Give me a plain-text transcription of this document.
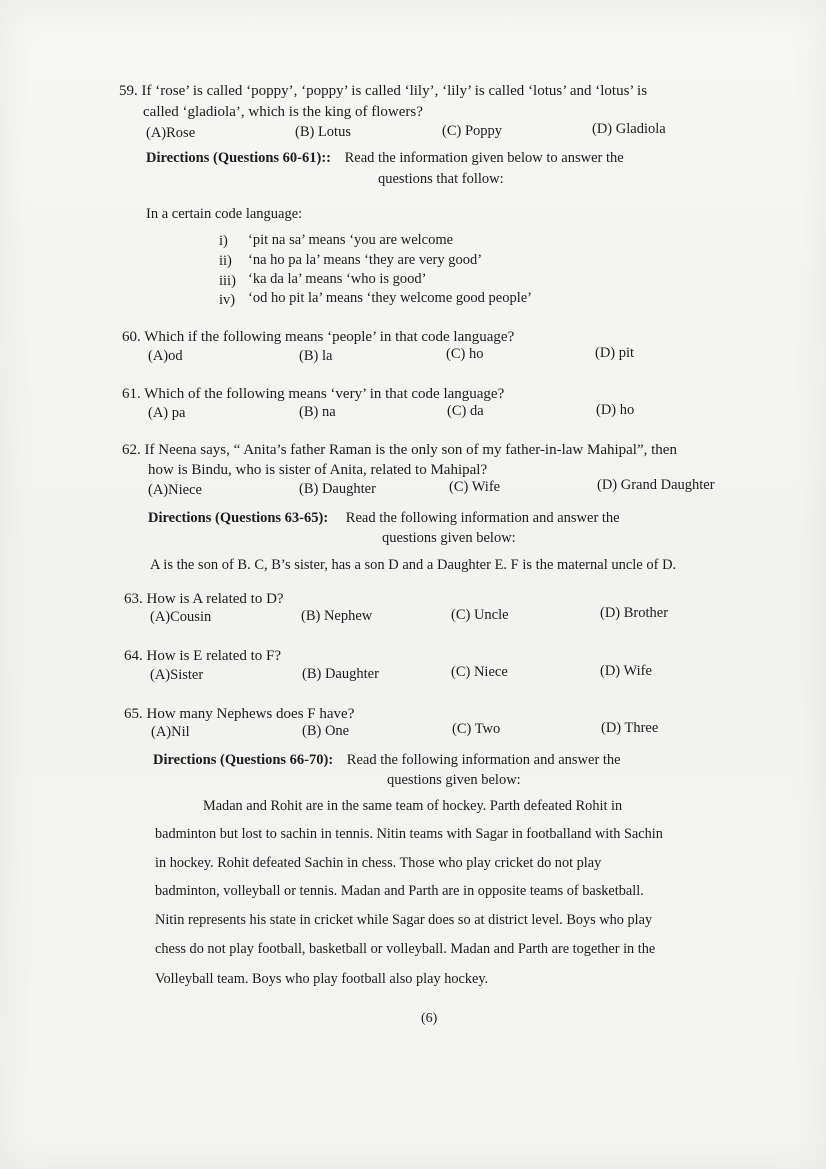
59. If ‘rose’ is called ‘poppy’, ‘poppy’ is called ‘lily’, ‘lily’ is called ‘lotus’ and ‘lotus’ is
called ‘gladiola’, which is the king of flowers?
(A)Rose	(B) Lotus	(C) Poppy	(D) Gladiola
Directions (Questions 60-61):: Read the information given below to answer the
questions that follow:
In a certain code language:
i) ‘pit na sa’ means ‘you are welcome
ii) ‘na ho pa la’ means ‘they are very good’
iii) ‘ka da la’ means ‘who is good’
iv) ‘od ho pit la’ means ‘they welcome good people’
60. Which if the following means ‘people’ in that code language?
(A)od	(B) la	(C) ho	(D) pit
61. Which of the following means ‘very’ in that code language?
(A) pa	(B) na	(C) da	(D) ho
62. If Neena says, “ Anita’s father Raman is the only son of my father-in-law Mahipal”, then
how is Bindu, who is sister of Anita, related to Mahipal?
(A)Niece	(B) Daughter	(C) Wife	(D) Grand Daughter
Directions (Questions 63-65): Read the following information and answer the
questions given below:
A is the son of B. C, B’s sister, has a son D and a Daughter E. F is the maternal uncle of D.
63. How is A related to D?
(A)Cousin	(B) Nephew	(C) Uncle	(D) Brother
64. How is E related to F?
(A)Sister	(B) Daughter	(C) Niece	(D) Wife
65. How many Nephews does F have?
(A)Nil	(B) One	(C) Two	(D) Three
Directions (Questions 66-70): Read the following information and answer the
questions given below:
Madan and Rohit are in the same team of hockey. Parth defeated Rohit in
badminton but lost to sachin in tennis. Nitin teams with Sagar in footballand with Sachin
in hockey. Rohit defeated Sachin in chess. Those who play cricket do not play
badminton, volleyball or tennis. Madan and Parth are in opposite teams of basketball.
Nitin represents his state in cricket while Sagar does so at district level. Boys who play
chess do not play football, basketball or volleyball. Madan and Parth are together in the
Volleyball team. Boys who play football also play hockey.
(6)
